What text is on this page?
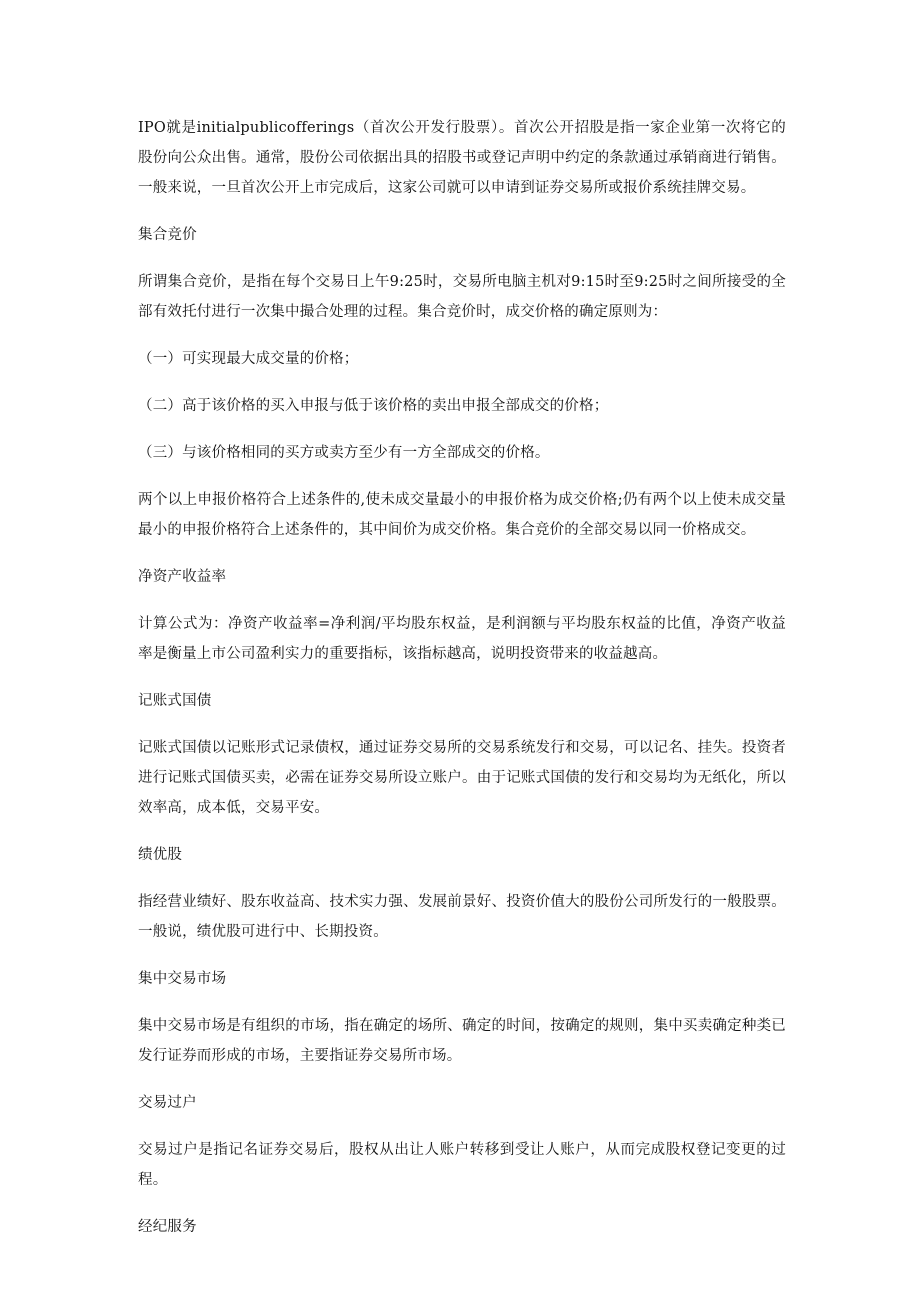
IPO就是initialpublicofferings（首次公开发行股票）。首次公开招股是指一家企业第一次将它的股份向公众出售。通常，股份公司依据出具的招股书或登记声明中约定的条款通过承销商进行销售。一般来说，一旦首次公开上市完成后，这家公司就可以申请到证券交易所或报价系统挂牌交易。

集合竞价

所谓集合竞价，是指在每个交易日上午9:25时，交易所电脑主机对9:15时至9:25时之间所接受的全部有效托付进行一次集中撮合处理的过程。集合竞价时，成交价格的确定原则为：

（一）可实现最大成交量的价格；

（二）高于该价格的买入申报与低于该价格的卖出申报全部成交的价格；

（三）与该价格相同的买方或卖方至少有一方全部成交的价格。

两个以上申报价格符合上述条件的,使未成交量最小的申报价格为成交价格;仍有两个以上使未成交量最小的申报价格符合上述条件的，其中间价为成交价格。集合竞价的全部交易以同一价格成交。

净资产收益率

计算公式为：净资产收益率=净利润/平均股东权益，是利润额与平均股东权益的比值，净资产收益率是衡量上市公司盈利实力的重要指标，该指标越高，说明投资带来的收益越高。

记账式国债

记账式国债以记账形式记录债权，通过证券交易所的交易系统发行和交易，可以记名、挂失。投资者进行记账式国债买卖，必需在证券交易所设立账户。由于记账式国债的发行和交易均为无纸化，所以效率高，成本低，交易平安。

绩优股

指经营业绩好、股东收益高、技术实力强、发展前景好、投资价值大的股份公司所发行的一般股票。一般说，绩优股可进行中、长期投资。

集中交易市场

集中交易市场是有组织的市场，指在确定的场所、确定的时间，按确定的规则，集中买卖确定种类已发行证券而形成的市场，主要指证券交易所市场。

交易过户

交易过户是指记名证券交易后，股权从出让人账户转移到受让人账户，从而完成股权登记变更的过程。

经纪服务
